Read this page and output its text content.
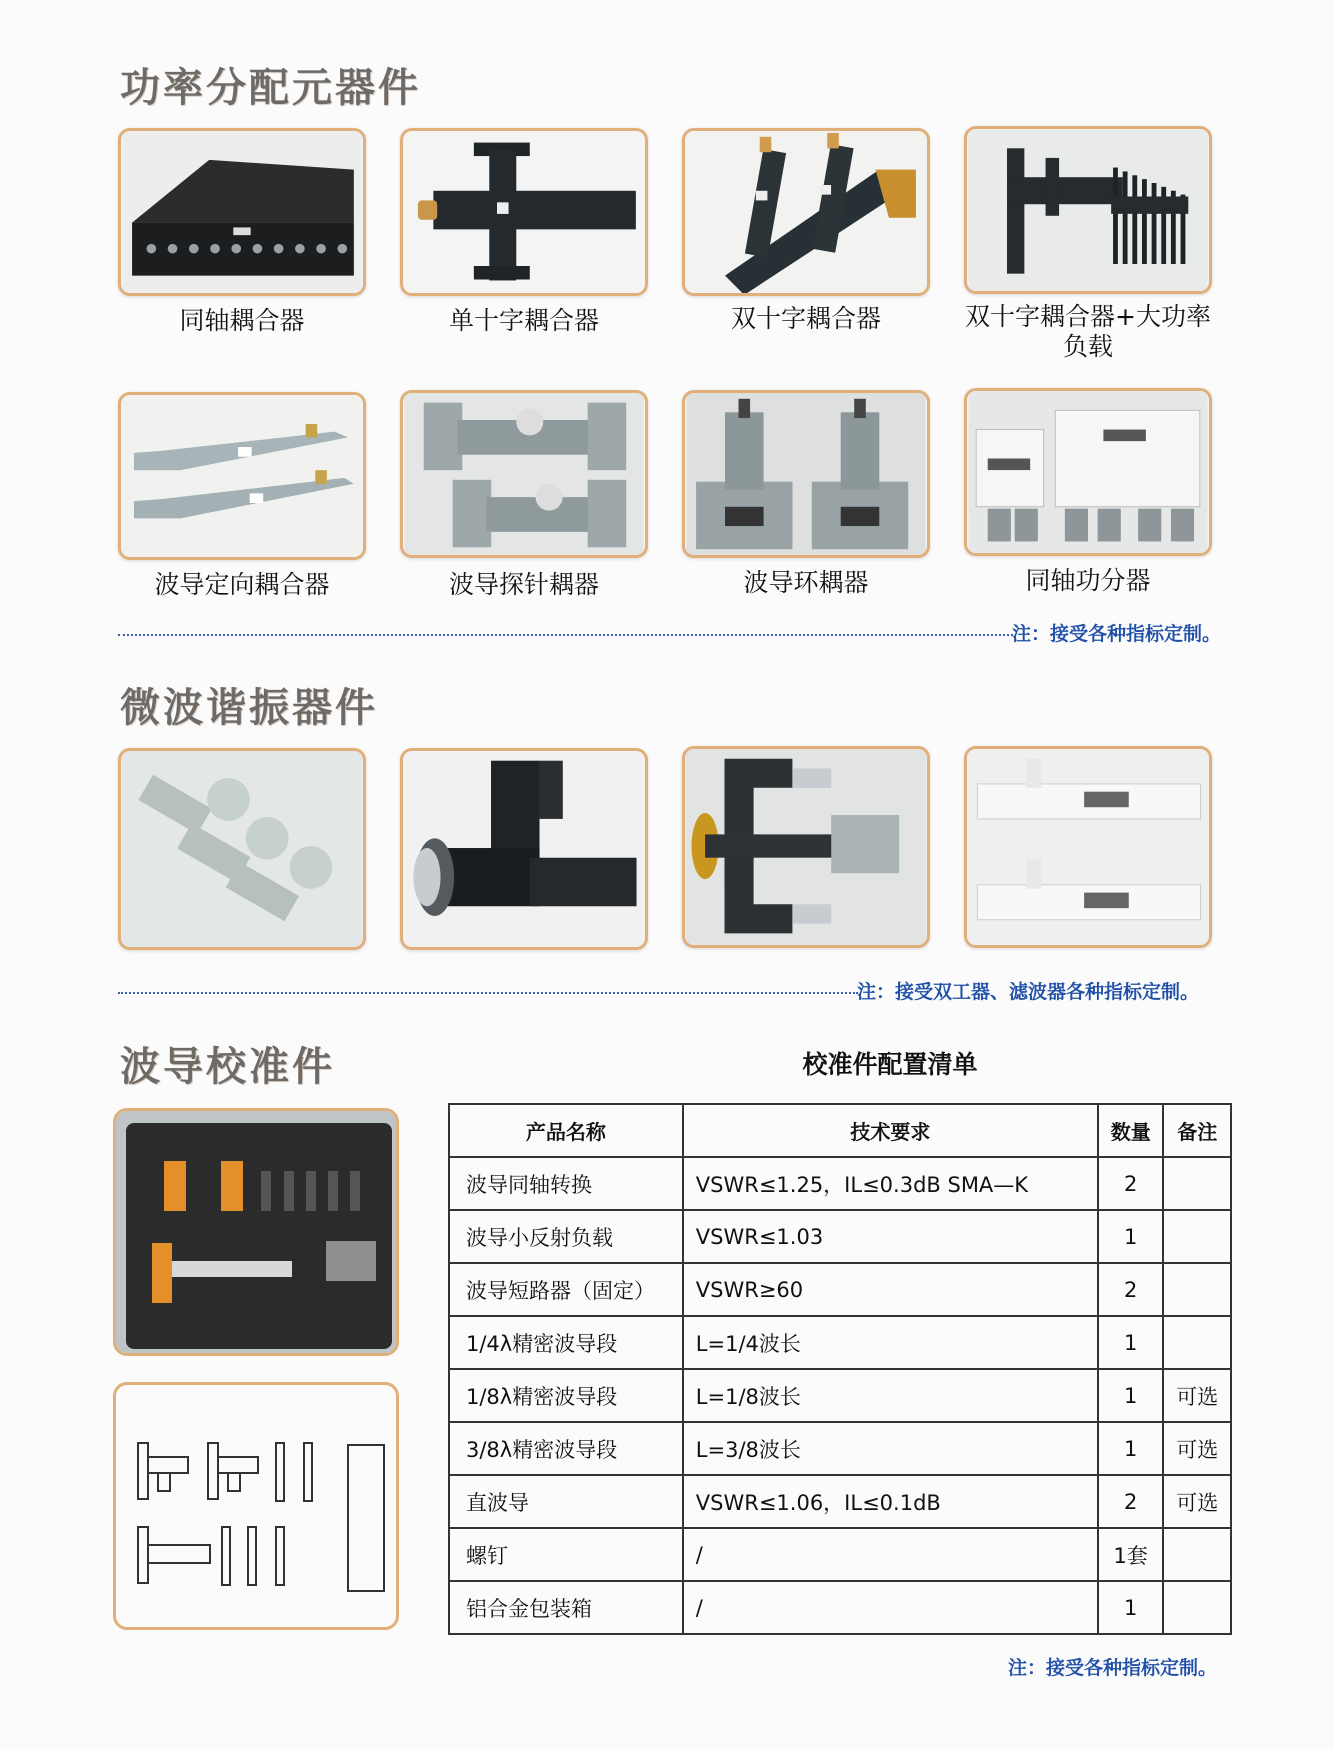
功率分配元器件
同轴耦合器	单十字耦合器	双十字耦合器	双十字耦合器+大功率负载
波导定向耦合器	波导探针耦器	波导环耦器	同轴功分器
注：接受各种指标定制。
微波谐振器件
注：接受双工器、滤波器各种指标定制。
波导校准件	校准件配置清单
产品名称	技术要求	数量	备注
波导同轴转换	VSWR≤1.25，IL≤0.3dB SMA—K	2	
波导小反射负载	VSWR≤1.03	1	
波导短路器（固定）	VSWR≥60	2	
1/4λ精密波导段	L=1/4波长	1	
1/8λ精密波导段	L=1/8波长	1	可选
3/8λ精密波导段	L=3/8波长	1	可选
直波导	VSWR≤1.06，IL≤0.1dB	2	可选
螺钉	/	1套	
铝合金包装箱	/	1	
注：接受各种指标定制。
